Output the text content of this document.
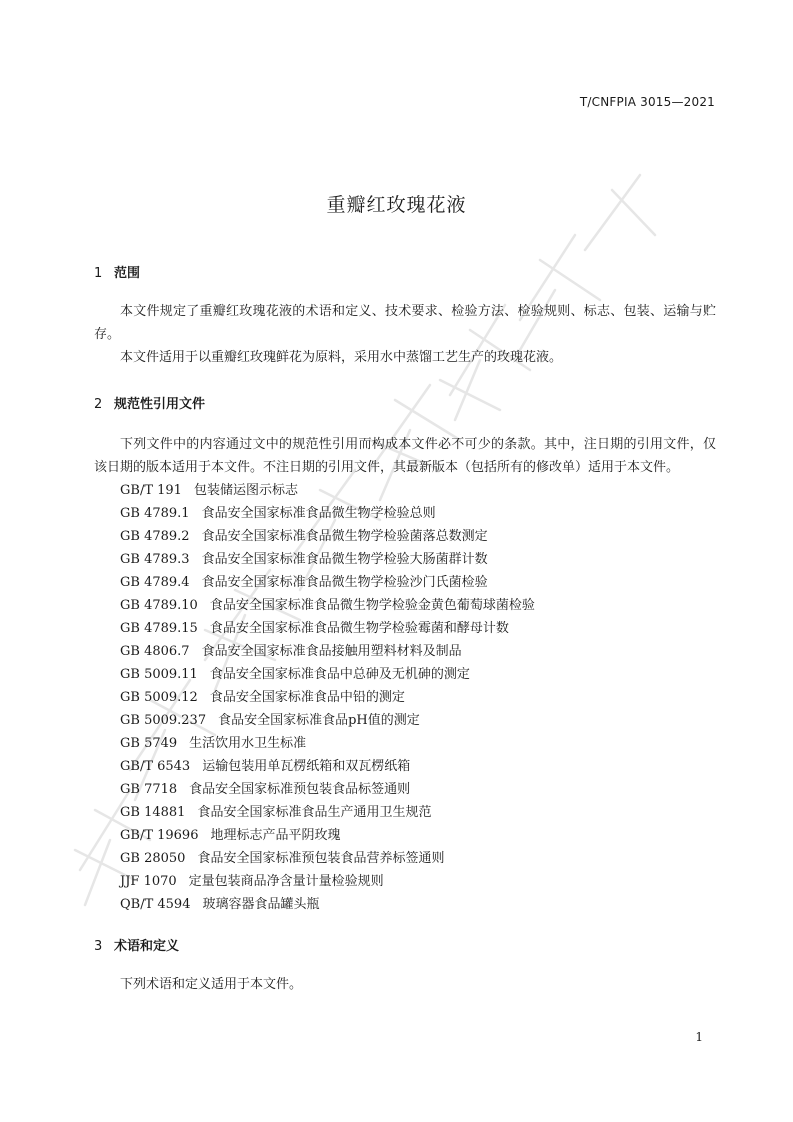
T/CNFPIA 3015—2021
重瓣红玫瑰花液
1 范围

本文件规定了重瓣红玫瑰花液的术语和定义、技术要求、检验方法、检验规则、标志、包装、运输与贮存。

本文件适用于以重瓣红玫瑰鲜花为原料，采用水中蒸馏工艺生产的玫瑰花液。

2 规范性引用文件

下列文件中的内容通过文中的规范性引用而构成本文件必不可少的条款。其中，注日期的引用文件，仅该日期的版本适用于本文件。不注日期的引用文件，其最新版本（包括所有的修改单）适用于本文件。

GB/T 191 包装储运图示标志
GB 4789.1 食品安全国家标准食品微生物学检验总则
GB 4789.2 食品安全国家标准食品微生物学检验菌落总数测定
GB 4789.3 食品安全国家标准食品微生物学检验大肠菌群计数
GB 4789.4 食品安全国家标准食品微生物学检验沙门氏菌检验
GB 4789.10 食品安全国家标准食品微生物学检验金黄色葡萄球菌检验
GB 4789.15 食品安全国家标准食品微生物学检验霉菌和酵母计数
GB 4806.7 食品安全国家标准食品接触用塑料材料及制品
GB 5009.11 食品安全国家标准食品中总砷及无机砷的测定
GB 5009.12 食品安全国家标准食品中铅的测定
GB 5009.237 食品安全国家标准食品pH值的测定
GB 5749 生活饮用水卫生标准
GB/T 6543 运输包装用单瓦楞纸箱和双瓦楞纸箱
GB 7718 食品安全国家标准预包装食品标签通则
GB 14881 食品安全国家标准食品生产通用卫生规范
GB/T 19696 地理标志产品平阴玫瑰
GB 28050 食品安全国家标准预包装食品营养标签通则
JJF 1070 定量包装商品净含量计量检验规则
QB/T 4594 玻璃容器食品罐头瓶
3 术语和定义

下列术语和定义适用于本文件。

1
